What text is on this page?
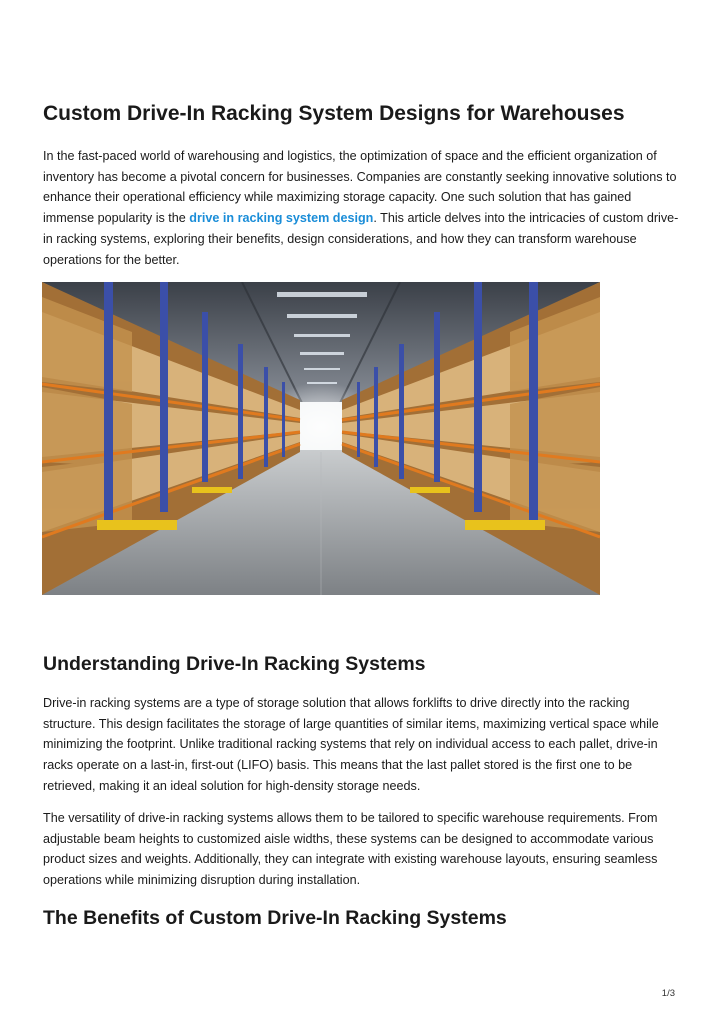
Custom Drive-In Racking System Designs for Warehouses

In the fast-paced world of warehousing and logistics, the optimization of space and the efficient organization of inventory has become a pivotal concern for businesses. Companies are constantly seeking innovative solutions to enhance their operational efficiency while maximizing storage capacity. One such solution that has gained immense popularity is the drive in racking system design. This article delves into the intricacies of custom drive-in racking systems, exploring their benefits, design considerations, and how they can transform warehouse operations for the better.

Understanding Drive-In Racking Systems

Drive-in racking systems are a type of storage solution that allows forklifts to drive directly into the racking structure. This design facilitates the storage of large quantities of similar items, maximizing vertical space while minimizing the footprint. Unlike traditional racking systems that rely on individual access to each pallet, drive-in racks operate on a last-in, first-out (LIFO) basis. This means that the last pallet stored is the first one to be retrieved, making it an ideal solution for high-density storage needs.

The versatility of drive-in racking systems allows them to be tailored to specific warehouse requirements. From adjustable beam heights to customized aisle widths, these systems can be designed to accommodate various product sizes and weights. Additionally, they can integrate with existing warehouse layouts, ensuring seamless operations while minimizing disruption during installation.

The Benefits of Custom Drive-In Racking Systems
1/3
